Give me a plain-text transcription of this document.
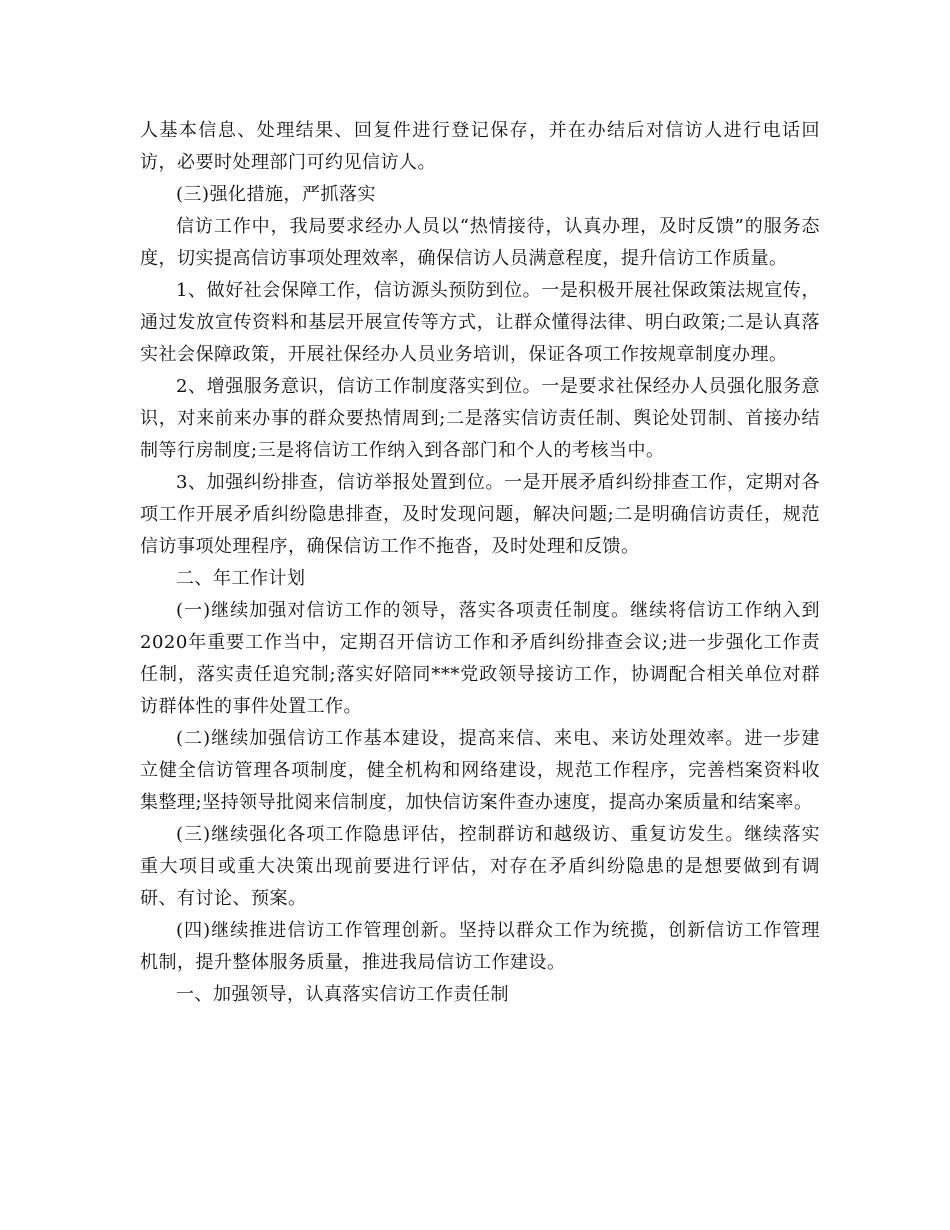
人基本信息、处理结果、回复件进行登记保存，并在办结后对信访人进行电话回访，必要时处理部门可约见信访人。

(三)强化措施，严抓落实

信访工作中，我局要求经办人员以“热情接待，认真办理，及时反馈”的服务态度，切实提高信访事项处理效率，确保信访人员满意程度，提升信访工作质量。

1、做好社会保障工作，信访源头预防到位。一是积极开展社保政策法规宣传，通过发放宣传资料和基层开展宣传等方式，让群众懂得法律、明白政策;二是认真落实社会保障政策，开展社保经办人员业务培训，保证各项工作按规章制度办理。

2、增强服务意识，信访工作制度落实到位。一是要求社保经办人员强化服务意识，对来前来办事的群众要热情周到;二是落实信访责任制、舆论处罚制、首接办结制等行房制度;三是将信访工作纳入到各部门和个人的考核当中。

3、加强纠纷排查，信访举报处置到位。一是开展矛盾纠纷排查工作，定期对各项工作开展矛盾纠纷隐患排查，及时发现问题，解决问题;二是明确信访责任，规范信访事项处理程序，确保信访工作不拖沓，及时处理和反馈。

二、年工作计划

(一)继续加强对信访工作的领导，落实各项责任制度。继续将信访工作纳入到2020年重要工作当中，定期召开信访工作和矛盾纠纷排查会议;进一步强化工作责任制，落实责任追究制;落实好陪同***党政领导接访工作，协调配合相关单位对群访群体性的事件处置工作。

(二)继续加强信访工作基本建设，提高来信、来电、来访处理效率。进一步建立健全信访管理各项制度，健全机构和网络建设，规范工作程序，完善档案资料收集整理;坚持领导批阅来信制度，加快信访案件查办速度，提高办案质量和结案率。

(三)继续强化各项工作隐患评估，控制群访和越级访、重复访发生。继续落实重大项目或重大决策出现前要进行评估，对存在矛盾纠纷隐患的是想要做到有调研、有讨论、预案。

(四)继续推进信访工作管理创新。坚持以群众工作为统揽，创新信访工作管理机制，提升整体服务质量，推进我局信访工作建设。

一、加强领导，认真落实信访工作责任制
